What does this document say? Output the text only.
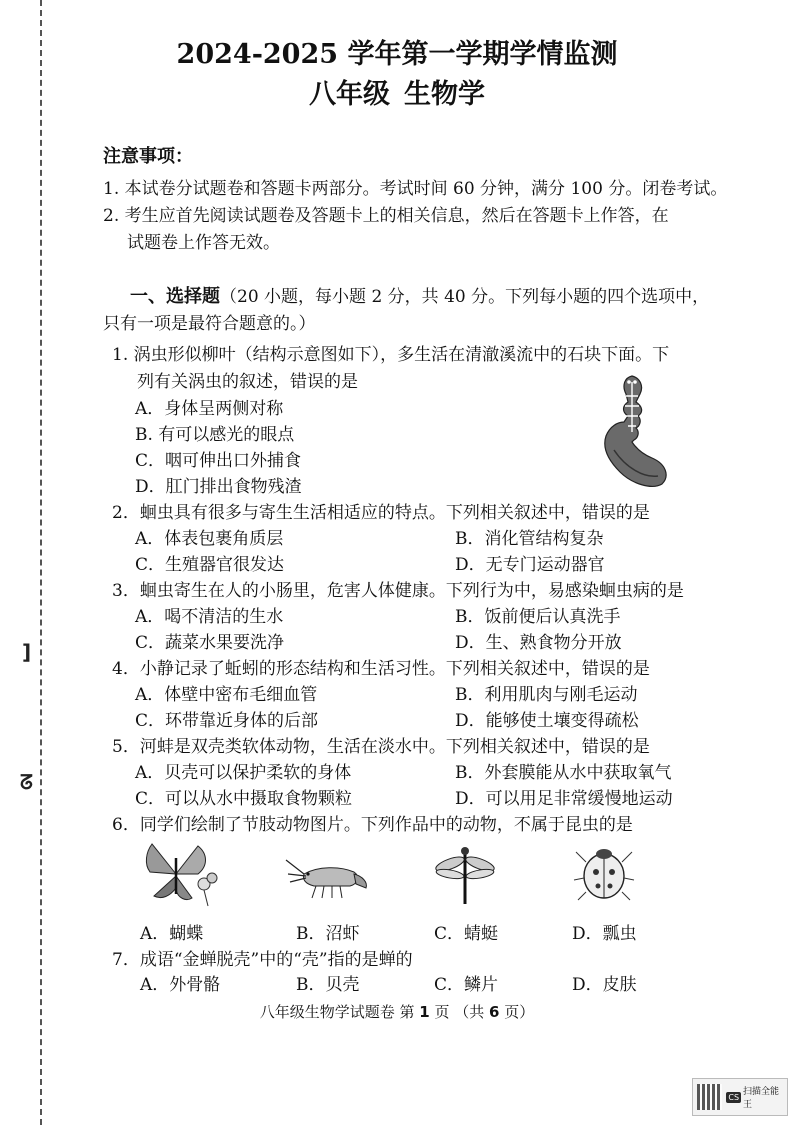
]
ᘔ
2024-2025 学年第一学期学情监测
八年级 生物学
注意事项：
1. 本试卷分试题卷和答题卡两部分。考试时间 60 分钟，满分 100 分。闭卷考试。
2. 考生应首先阅读试题卷及答题卡上的相关信息，然后在答题卡上作答，在
试题卷上作答无效。
一、选择题（20 小题，每小题 2 分，共 40 分。下列每小题的四个选项中，
只有一项是最符合题意的。）
1. 涡虫形似柳叶（结构示意图如下），多生活在清澈溪流中的石块下面。下
列有关涡虫的叙述，错误的是
A．身体呈两侧对称
B. 有可以感光的眼点
C．咽可伸出口外捕食
D．肛门排出食物残渣
2．蛔虫具有很多与寄生生活相适应的特点。下列相关叙述中，错误的是
A．体表包裹角质层	B．消化管结构复杂
C．生殖器官很发达	D．无专门运动器官
3．蛔虫寄生在人的小肠里，危害人体健康。下列行为中，易感染蛔虫病的是
A．喝不清洁的生水	B．饭前便后认真洗手
C．蔬菜水果要洗净	D．生、熟食物分开放
4．小静记录了蚯蚓的形态结构和生活习性。下列相关叙述中，错误的是
A．体壁中密布毛细血管	B．利用肌肉与刚毛运动
C．环带靠近身体的后部	D．能够使土壤变得疏松
5．河蚌是双壳类软体动物，生活在淡水中。下列相关叙述中，错误的是
A．贝壳可以保护柔软的身体	B．外套膜能从水中获取氧气
C．可以从水中摄取食物颗粒	D．可以用足非常缓慢地运动
6．同学们绘制了节肢动物图片。下列作品中的动物，不属于昆虫的是
A．蝴蝶	B．沼虾	C．蜻蜓	D．瓢虫
7．成语“金蝉脱壳”中的“壳”指的是蝉的
A．外骨骼	B．贝壳	C．鳞片	D．皮肤
八年级生物学试题卷 第 1 页 （共 6 页）
CS 扫描全能王
